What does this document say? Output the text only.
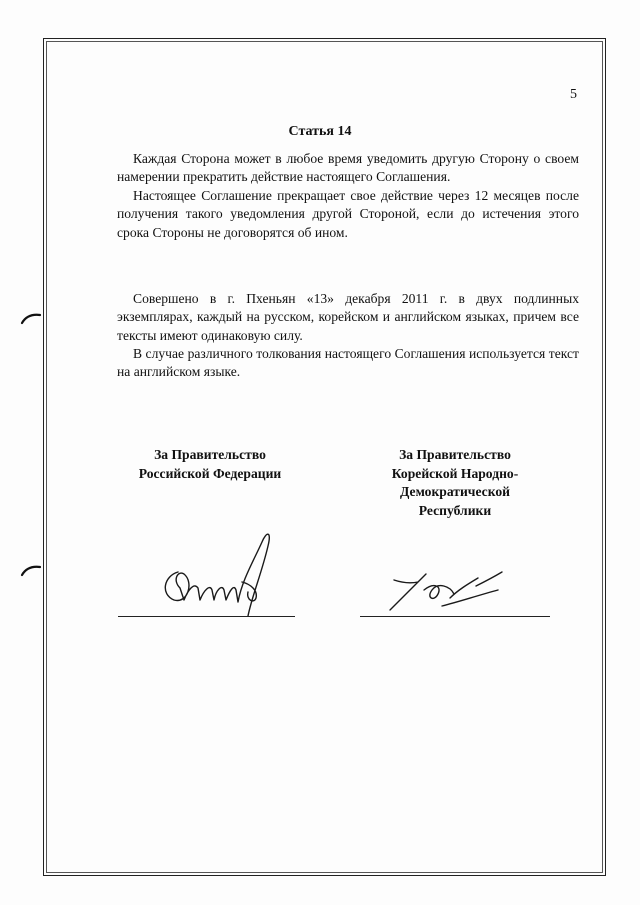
5
Статья 14

Каждая Сторона может в любое время уведомить другую Сторону о своем намерении прекратить действие настоящего Соглашения.

Настоящее Соглашение прекращает свое действие через 12 месяцев после получения такого уведомления другой Стороной, если до истечения этого срока Стороны не договорятся об ином.

Совершено в г. Пхеньян «13» декабря 2011 г. в двух подлинных экземплярах, каждый на русском, корейском и английском языках, причем все тексты имеют одинаковую силу.

В случае различного толкования настоящего Соглашения используется текст на английском языке.

За Правительство
Российской Федерации
За Правительство
Корейской Народно-
Демократической
Республики
